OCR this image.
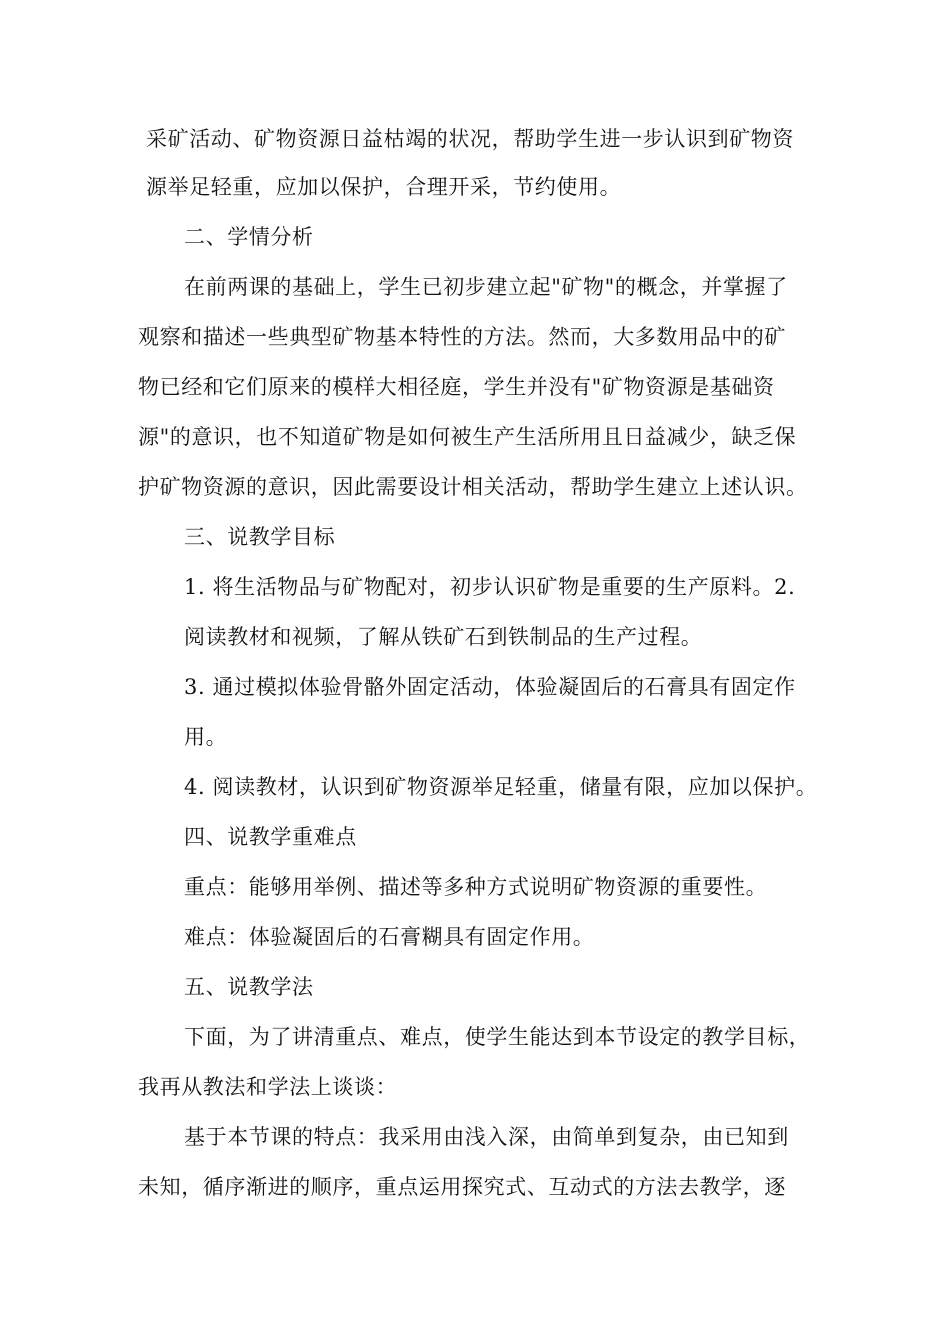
采矿活动、矿物资源日益枯竭的状况，帮助学生进一步认识到矿物资
源举足轻重，应加以保护，合理开采，节约使用。
二、学情分析
在前两课的基础上，学生已初步建立起"矿物"的概念，并掌握了
观察和描述一些典型矿物基本特性的方法。然而，大多数用品中的矿
物已经和它们原来的模样大相径庭，学生并没有"矿物资源是基础资
源"的意识，也不知道矿物是如何被生产生活所用且日益减少，缺乏保
护矿物资源的意识，因此需要设计相关活动，帮助学生建立上述认识。
三、说教学目标
1. 将生活物品与矿物配对，初步认识矿物是重要的生产原料。2.
阅读教材和视频，了解从铁矿石到铁制品的生产过程。
3. 通过模拟体验骨骼外固定活动，体验凝固后的石膏具有固定作
用。
4. 阅读教材，认识到矿物资源举足轻重，储量有限，应加以保护。
四、说教学重难点
重点：能够用举例、描述等多种方式说明矿物资源的重要性。
难点：体验凝固后的石膏糊具有固定作用。
五、说教学法
下面，为了讲清重点、难点，使学生能达到本节设定的教学目标，
我再从教法和学法上谈谈：
基于本节课的特点：我采用由浅入深，由简单到复杂，由已知到
未知，循序渐进的顺序，重点运用探究式、互动式的方法去教学，逐
